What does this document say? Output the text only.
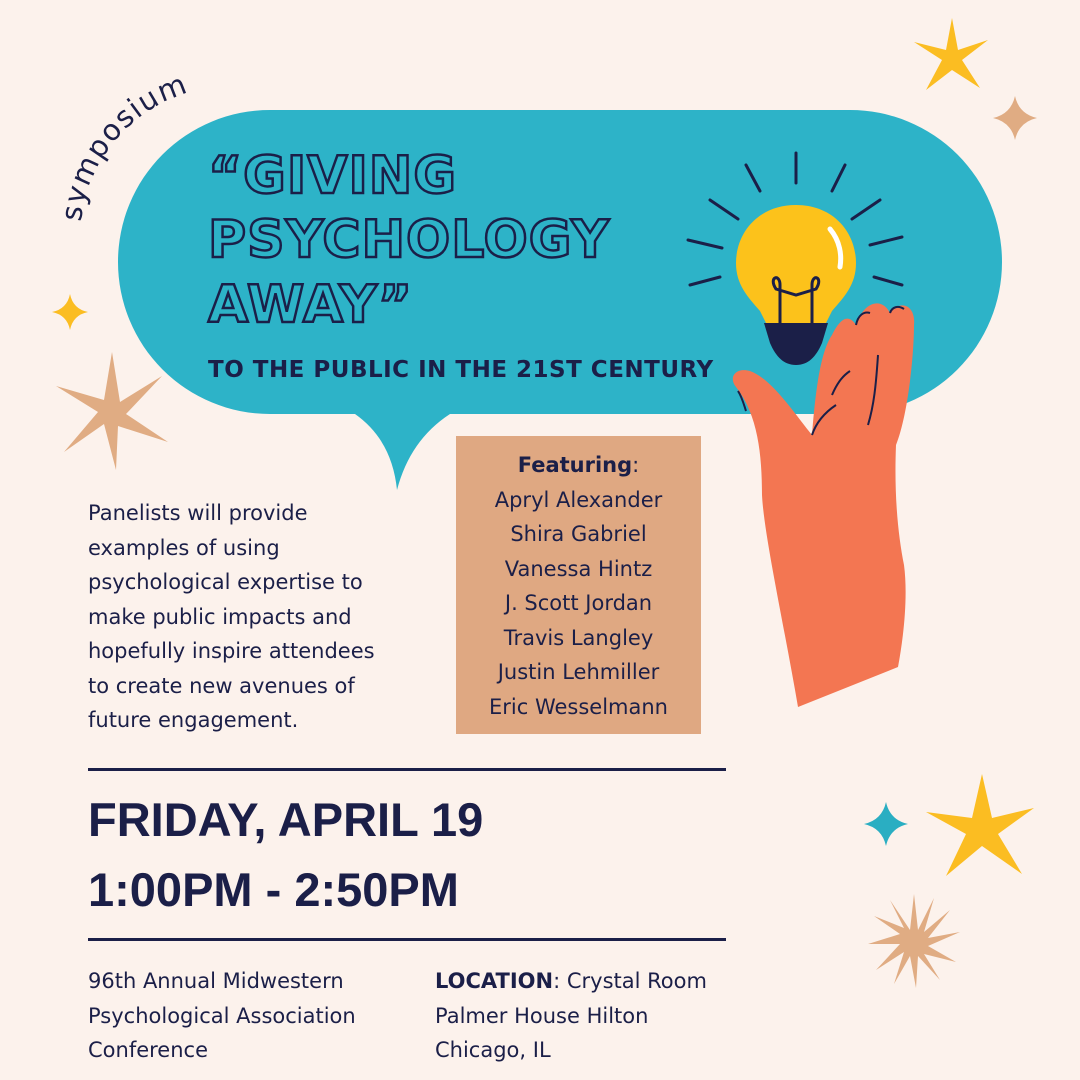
symposium
“GIVING
PSYCHOLOGY
AWAY”
TO THE PUBLIC IN THE 21ST CENTURY
Featuring:
Apryl Alexander
Shira Gabriel
Vanessa Hintz
J. Scott Jordan
Travis Langley
Justin Lehmiller
Eric Wesselmann
Panelists will provide examples of using psychological expertise to make public impacts and hopefully inspire attendees to create new avenues of future engagement.
FRIDAY, APRIL 19
1:00PM - 2:50PM
96th Annual Midwestern
Psychological Association
Conference
LOCATION: Crystal Room
Palmer House Hilton
Chicago, IL
